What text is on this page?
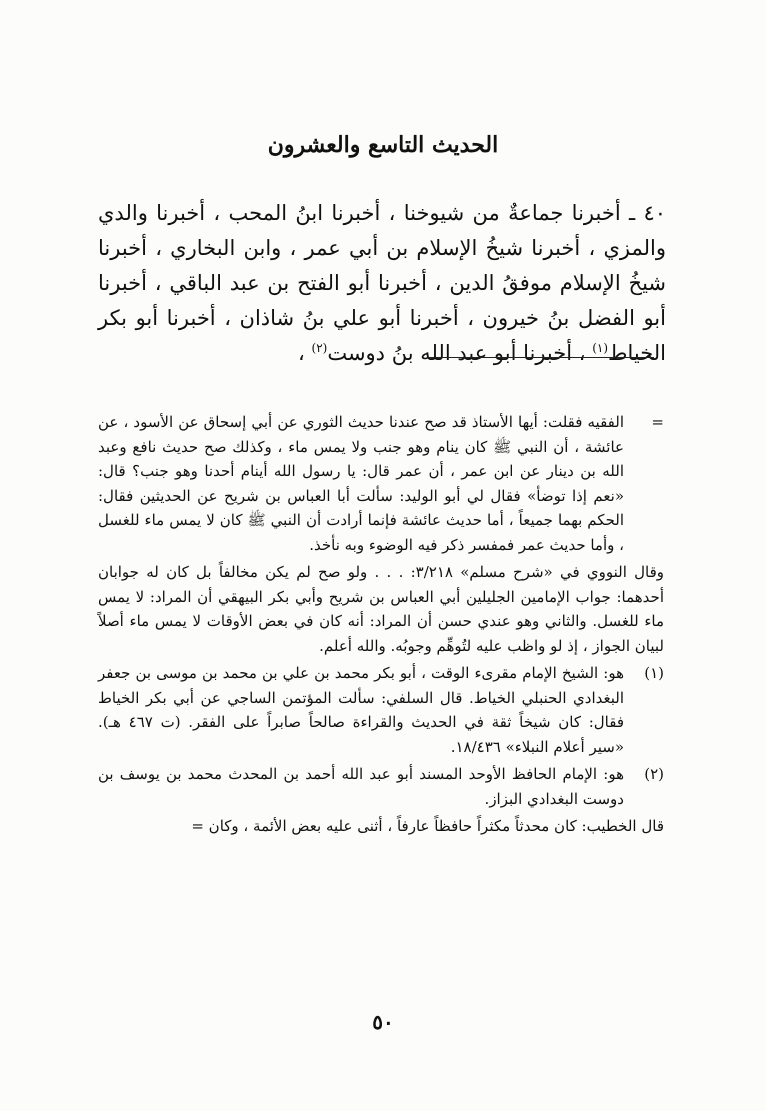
الحديث التاسع والعشرون

٤٠ ـ أخبرنا جماعةٌ من شيوخنا ، أخبرنا ابنُ المحب ، أخبرنا والدي والمزي ، أخبرنا شيخُ الإسلام بن أبي عمر ، وابن البخاري ، أخبرنا شيخُ الإسلام موفقُ الدين ، أخبرنا أبو الفتح بن عبد الباقي ، أخبرنا أبو الفضل بنُ خيرون ، أخبرنا أبو علي بنُ شاذان ، أخبرنا أبو بكر الخياط$^{(١)}$ ، أخبرنا أبو عبد الله بنُ دوست$^{(٢)}$ ،

=

الفقيه فقلت: أيها الأستاذ قد صح عندنا حديث الثوري عن أبي إسحاق عن الأسود ، عن عائشة ، أن النبي ﷺ كان ينام وهو جنب ولا يمس ماء ، وكذلك صح حديث نافع وعبد الله بن دينار عن ابن عمر ، أن عمر قال: يا رسول الله أينام أحدنا وهو جنب؟ قال: «نعم إذا توضأ» فقال لي أبو الوليد: سألت أبا العباس بن شريح عن الحديثين فقال: الحكم بهما جميعاً ، أما حديث عائشة فإنما أرادت أن النبي ﷺ كان لا يمس ماء للغسل ، وأما حديث عمر فمفسر ذكر فيه الوضوء وبه نأخذ.

وقال النووي في «شرح مسلم» ٣/٢١٨: . . . ولو صح لم يكن مخالفاً بل كان له جوابان أحدهما: جواب الإمامين الجليلين أبي العباس بن شريح وأبي بكر البيهقي أن المراد: لا يمس ماء للغسل. والثاني وهو عندي حسن أن المراد: أنه كان في بعض الأوقات لا يمس ماء أصلاً لبيان الجواز ، إذ لو واظب عليه لتُوهِّم وجوبُه. والله أعلم.

(١)

هو: الشيخ الإمام مقرىء الوقت ، أبو بكر محمد بن علي بن محمد بن موسى بن جعفر البغدادي الحنبلي الخياط. قال السلفي: سألت المؤتمن الساجي عن أبي بكر الخياط فقال: كان شيخاً ثقة في الحديث والقراءة صالحاً صابراً على الفقر. (ت ٤٦٧ هـ). «سير أعلام النبلاء» ١٨/٤٣٦.

(٢)

هو: الإمام الحافظ الأوحد المسند أبو عبد الله أحمد بن المحدث محمد بن يوسف بن دوست البغدادي البزاز.

قال الخطيب: كان محدثاً مكثراً حافظاً عارفاً ، أثنى عليه بعض الأئمة ، وكان =
٥٠
